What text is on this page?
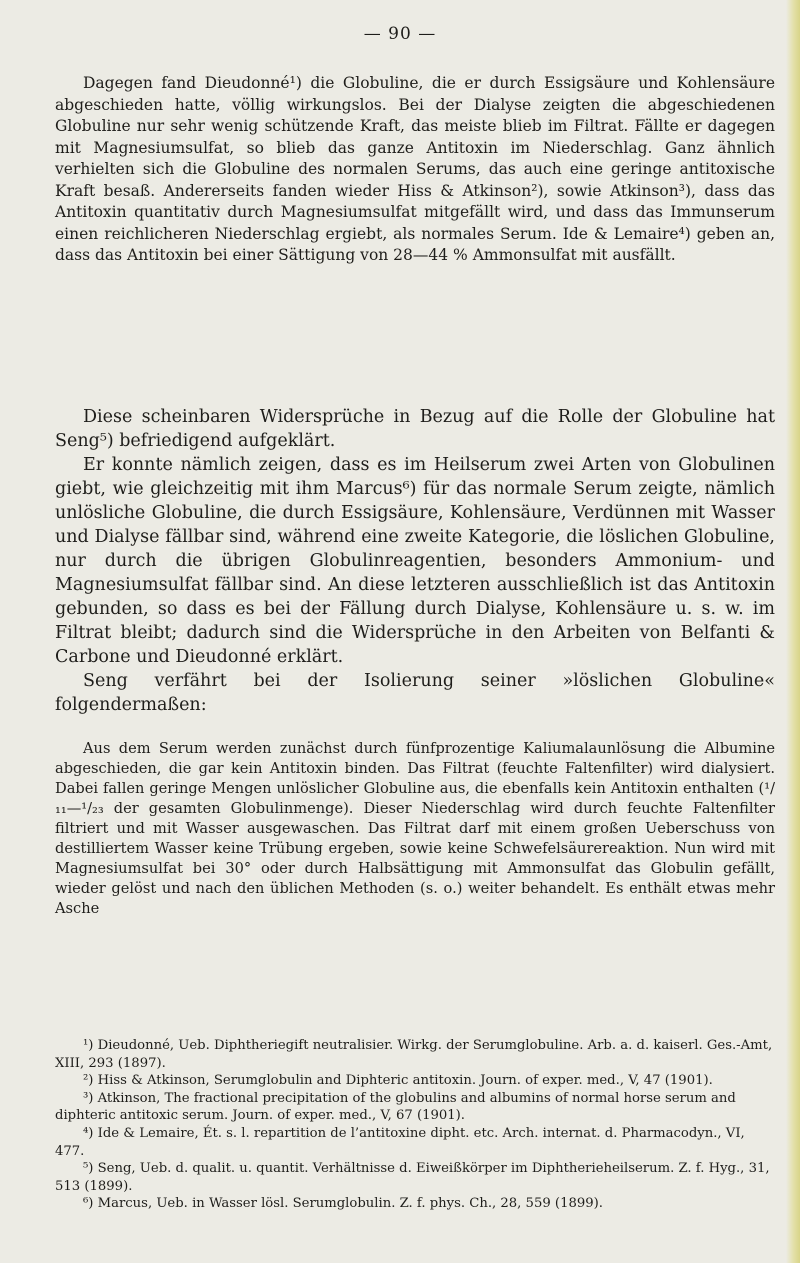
— 90 —

Dagegen fand Dieudonné¹) die Globuline, die er durch Essigsäure und Kohlensäure abgeschieden hatte, völlig wirkungslos. Bei der Dialyse zeigten die abgeschiedenen Globuline nur sehr wenig schützende Kraft, das meiste blieb im Filtrat. Fällte er dagegen mit Magnesiumsulfat, so blieb das ganze Antitoxin im Niederschlag. Ganz ähnlich verhielten sich die Globuline des normalen Serums, das auch eine geringe antitoxische Kraft besaß. Andererseits fanden wieder Hiss & Atkinson²), sowie Atkinson³), dass das Antitoxin quantitativ durch Magnesiumsulfat mitgefällt wird, und dass das Immunserum einen reichlicheren Niederschlag ergiebt, als normales Serum. Ide & Lemaire⁴) geben an, dass das Antitoxin bei einer Sättigung von 28—44 % Ammonsulfat mit ausfällt.

Diese scheinbaren Widersprüche in Bezug auf die Rolle der Globuline hat Seng⁵) befriedigend aufgeklärt.

Er konnte nämlich zeigen, dass es im Heilserum zwei Arten von Globulinen giebt, wie gleichzeitig mit ihm Marcus⁶) für das normale Serum zeigte, nämlich unlösliche Globuline, die durch Essigsäure, Kohlensäure, Verdünnen mit Wasser und Dialyse fällbar sind, während eine zweite Kategorie, die löslichen Globuline, nur durch die übrigen Globulinreagentien, besonders Ammonium- und Magnesiumsulfat fällbar sind. An diese letzteren ausschließlich ist das Antitoxin gebunden, so dass es bei der Fällung durch Dialyse, Kohlensäure u. s. w. im Filtrat bleibt; dadurch sind die Widersprüche in den Arbeiten von Belfanti & Carbone und Dieudonné erklärt.

Seng verfährt bei der Isolierung seiner »löslichen Globuline« folgendermaßen:

Aus dem Serum werden zunächst durch fünfprozentige Kaliumalaunlösung die Albumine abgeschieden, die gar kein Antitoxin binden. Das Filtrat (feuchte Faltenfilter) wird dialysiert. Dabei fallen geringe Mengen unlöslicher Globuline aus, die ebenfalls kein Antitoxin enthalten (¹/₁₁—¹/₂₃ der gesamten Globulinmenge). Dieser Niederschlag wird durch feuchte Faltenfilter filtriert und mit Wasser ausgewaschen. Das Filtrat darf mit einem großen Ueberschuss von destilliertem Wasser keine Trübung ergeben, sowie keine Schwefelsäurereaktion. Nun wird mit Magnesiumsulfat bei 30° oder durch Halbsättigung mit Ammonsulfat das Globulin gefällt, wieder gelöst und nach den üblichen Methoden (s. o.) weiter behandelt. Es enthält etwas mehr Asche

¹) Dieudonné, Ueb. Diphtheriegift neutralisier. Wirkg. der Serumglobuline. Arb. a. d. kaiserl. Ges.-Amt, XIII, 293 (1897).

²) Hiss & Atkinson, Serumglobulin and Diphteric antitoxin. Journ. of exper. med., V, 47 (1901).

³) Atkinson, The fractional precipitation of the globulins and albumins of normal horse serum and diphteric antitoxic serum. Journ. of exper. med., V, 67 (1901).

⁴) Ide & Lemaire, Ét. s. l. repartition de l’antitoxine dipht. etc. Arch. internat. d. Pharmacodyn., VI, 477.

⁵) Seng, Ueb. d. qualit. u. quantit. Verhältnisse d. Eiweißkörper im Diphtherieheilserum. Z. f. Hyg., 31, 513 (1899).

⁶) Marcus, Ueb. in Wasser lösl. Serumglobulin. Z. f. phys. Ch., 28, 559 (1899).
